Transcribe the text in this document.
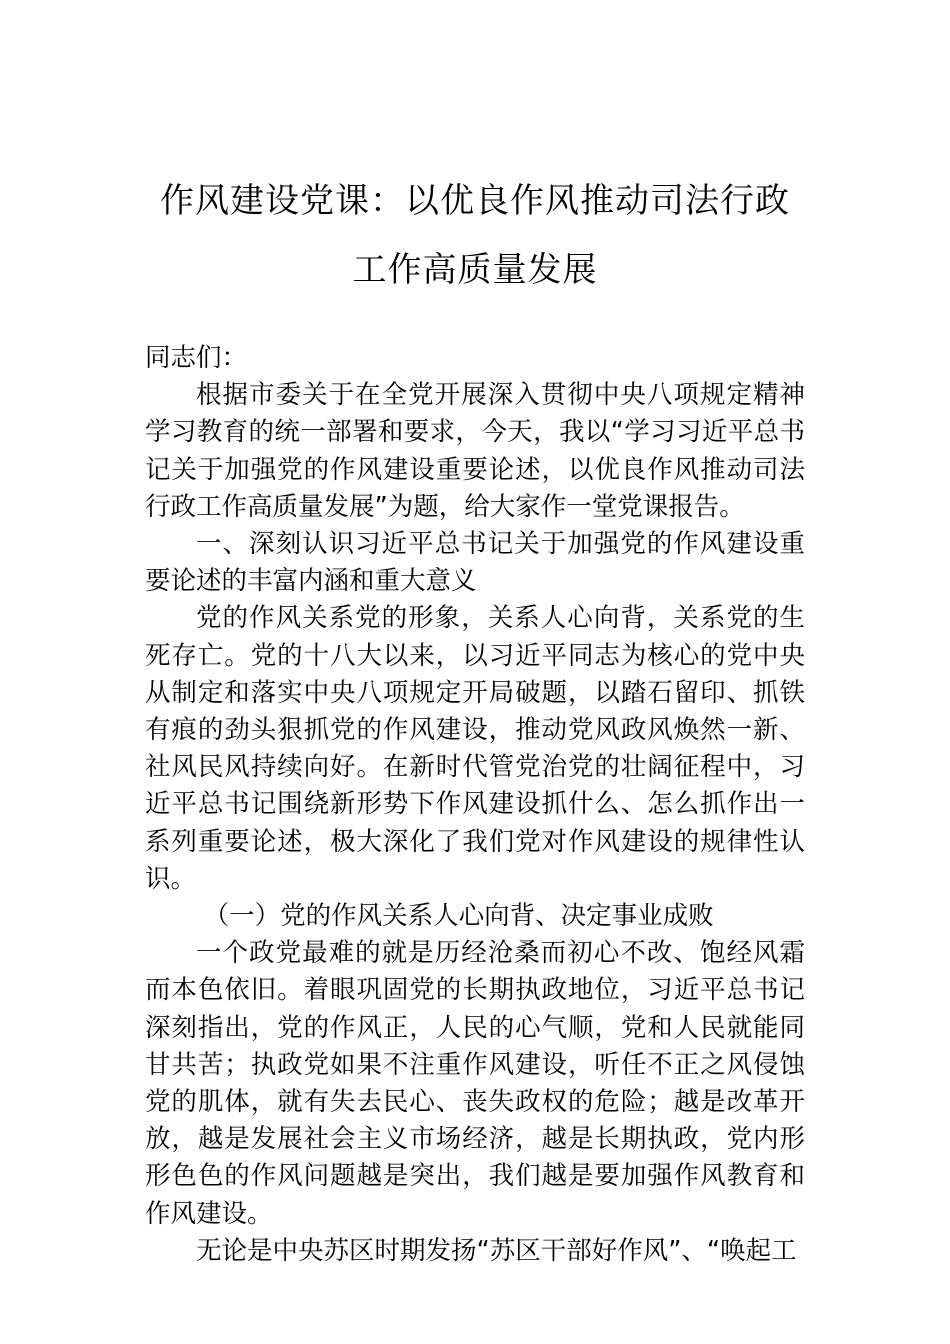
作风建设党课：以优良作风推动司法行政
工作高质量发展

同志们：

根据市委关于在全党开展深入贯彻中央八项规定精神学习教育的统一部署和要求，今天，我以“学习习近平总书记关于加强党的作风建设重要论述，以优良作风推动司法行政工作高质量发展”为题，给大家作一堂党课报告。

一、深刻认识习近平总书记关于加强党的作风建设重要论述的丰富内涵和重大意义

党的作风关系党的形象，关系人心向背，关系党的生死存亡。党的十八大以来，以习近平同志为核心的党中央从制定和落实中央八项规定开局破题，以踏石留印、抓铁有痕的劲头狠抓党的作风建设，推动党风政风焕然一新、社风民风持续向好。在新时代管党治党的壮阔征程中，习近平总书记围绕新形势下作风建设抓什么、怎么抓作出一系列重要论述，极大深化了我们党对作风建设的规律性认识。

（一）党的作风关系人心向背、决定事业成败

一个政党最难的就是历经沧桑而初心不改、饱经风霜而本色依旧。着眼巩固党的长期执政地位，习近平总书记深刻指出，党的作风正，人民的心气顺，党和人民就能同甘共苦；执政党如果不注重作风建设，听任不正之风侵蚀党的肌体，就有失去民心、丧失政权的危险；越是改革开放，越是发展社会主义市场经济，越是长期执政，党内形形色色的作风问题越是突出，我们越是要加强作风教育和作风建设。

无论是中央苏区时期发扬“苏区干部好作风”、“唤起工
